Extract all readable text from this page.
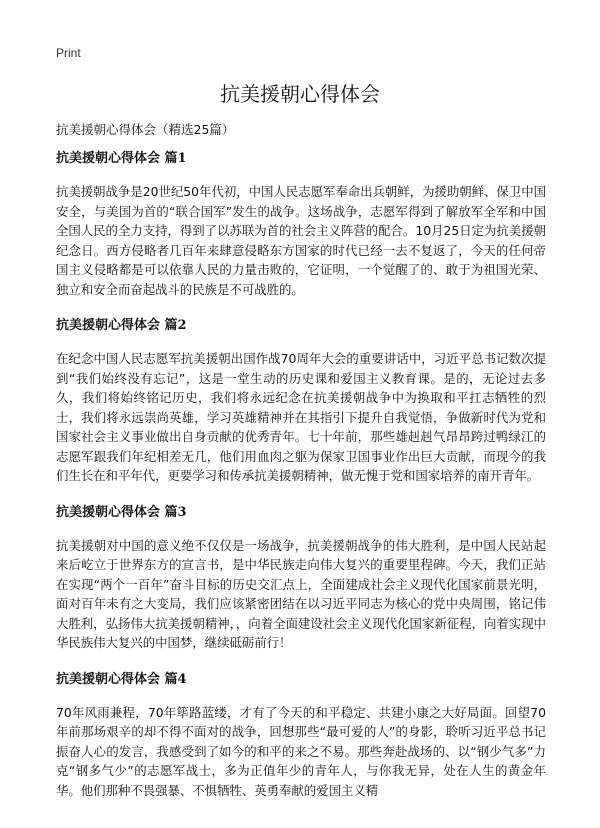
Print
抗美援朝心得体会

抗美援朝心得体会（精选25篇）

抗美援朝心得体会 篇1

抗美援朝战争是20世纪50年代初，中国人民志愿军奉命出兵朝鲜，为援助朝鲜、保卫中国安全，与美国为首的“联合国军”发生的战争。这场战争，志愿军得到了解放军全军和中国全国人民的全力支持，得到了以苏联为首的社会主义阵营的配合。10月25日定为抗美援朝纪念日。西方侵略者几百年来肆意侵略东方国家的时代已经一去不复返了，今天的任何帝国主义侵略都是可以依靠人民的力量击败的，它证明，一个觉醒了的、敢于为祖国光荣、独立和安全而奋起战斗的民族是不可战胜的。

抗美援朝心得体会 篇2

在纪念中国人民志愿军抗美援朝出国作战70周年大会的重要讲话中，习近平总书记数次提到“我们始终没有忘记”，这是一堂生动的历史课和爱国主义教育课。是的，无论过去多久，我们将始终铭记历史，我们将永远纪念在抗美援朝战争中为换取和平扛志牺牲的烈士，我们将永远崇尚英雄，学习英雄精神并在其指引下提升自我觉悟，争做新时代为党和国家社会主义事业做出自身贡献的优秀青年。七十年前，那些雄赳赳气昂昂跨过鸭绿江的志愿军跟我们年纪相差无几，他们用血肉之躯为保家卫国事业作出巨大贡献，而现今的我们生长在和平年代，更要学习和传承抗美援朝精神，做无愧于党和国家培养的南开青年。

抗美援朝心得体会 篇3

抗美援朝对中国的意义绝不仅仅是一场战争，抗美援朝战争的伟大胜利，是中国人民站起来后屹立于世界东方的宣言书，是中华民族走向伟大复兴的重要里程碑。今天，我们正站在实现“两个一百年”奋斗目标的历史交汇点上，全面建成社会主义现代化国家前景光明，面对百年未有之大变局，我们应该紧密团结在以习近平同志为核心的党中央周围，铭记伟大胜利，弘扬伟大抗美援朝精神，，向着全面建设社会主义现代化国家新征程，向着实现中华民族伟大复兴的中国梦，继续砥砺前行！

抗美援朝心得体会 篇4

70年风雨兼程，70年筚路蓝缕，才有了今天的和平稳定、共建小康之大好局面。回望70年前那场艰辛的却不得不面对的战争，回想那些“最可爱的人”的身影，聆听习近平总书记振奋人心的发言，我感受到了如今的和平的来之不易。那些奔赴战场的、以“钢少气多”力克“钢多气少”的志愿军战士，多为正值年少的青年人，与你我无异，处在人生的黄金年华。他们那种不畏强暴、不惧牺牲、英勇奉献的爱国主义精
